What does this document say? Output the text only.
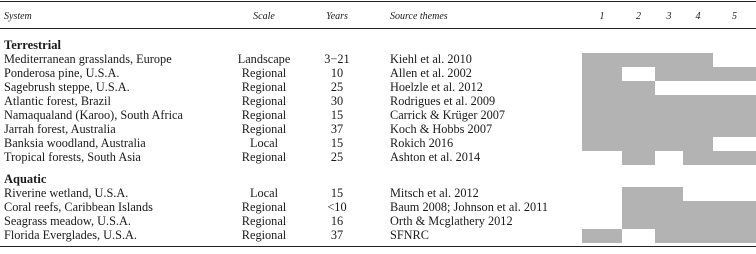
System	Scale	Years	Source themes	1	2	3	4	5
Terrestrial
Mediterranean grasslands, Europe	Landscape	3−21	Kiehl et al. 2010
Ponderosa pine, U.S.A.	Regional	10	Allen et al. 2002
Sagebrush steppe, U.S.A.	Regional	25	Hoelzle et al. 2012
Atlantic forest, Brazil	Regional	30	Rodrigues et al. 2009
Namaqualand (Karoo), South Africa	Regional	15	Carrick & Krüger 2007
Jarrah forest, Australia	Regional	37	Koch & Hobbs 2007
Banksia woodland, Australia	Local	15	Rokich 2016
Tropical forests, South Asia	Regional	25	Ashton et al. 2014
Aquatic
Riverine wetland, U.S.A.	Local	15	Mitsch et al. 2012
Coral reefs, Caribbean Islands	Regional	<10	Baum 2008; Johnson et al. 2011
Seagrass meadow, U.S.A.	Regional	16	Orth & Mcglathery 2012
Florida Everglades, U.S.A.	Regional	37	SFNRC
